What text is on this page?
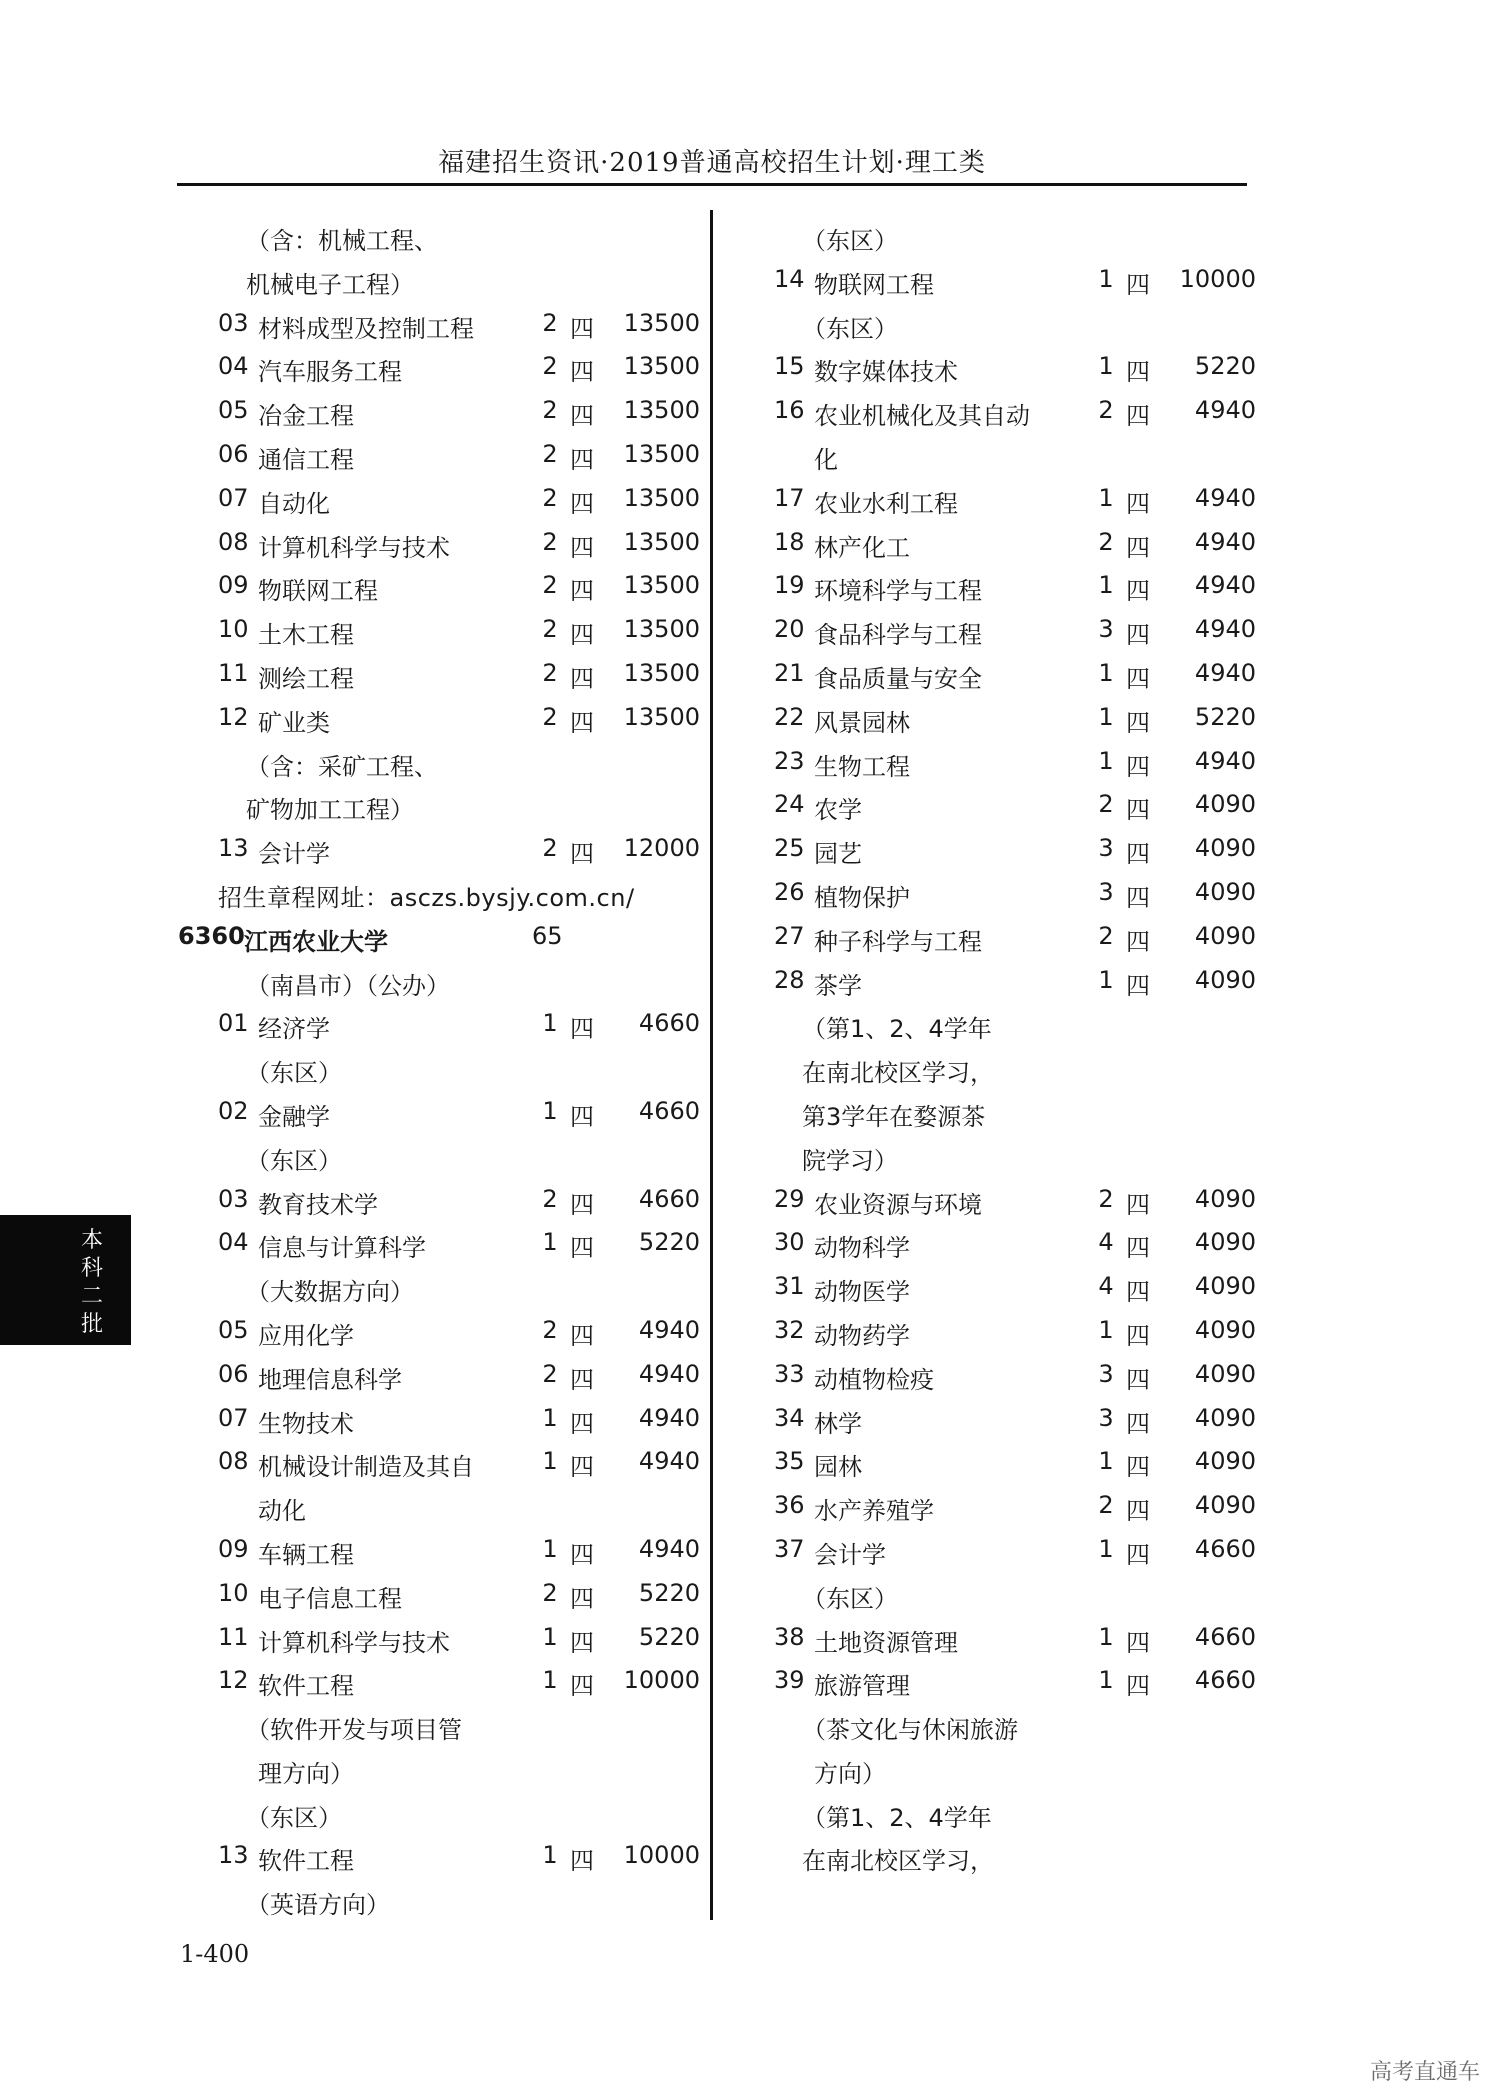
福建招生资讯·2019普通高校招生计划·理工类
（含：机械工程、
机械电子工程）
03 材料成型及控制工程	2 四	13500
04 汽车服务工程	2 四	13500
05 冶金工程	2 四	13500
06 通信工程	2 四	13500
07 自动化	2 四	13500
08 计算机科学与技术	2 四	13500
09 物联网工程	2 四	13500
10 土木工程	2 四	13500
11 测绘工程	2 四	13500
12 矿业类	2 四	13500
（含：采矿工程、
矿物加工工程）
13 会计学	2 四	12000
招生章程网址：asczs.bysjy.com.cn/
6360 江西农业大学	65
（南昌市）（公办）
01 经济学	1 四	4660
（东区）
02 金融学	1 四	4660
（东区）
03 教育技术学	2 四	4660
04 信息与计算科学	1 四	5220
（大数据方向）
05 应用化学	2 四	4940
06 地理信息科学	2 四	4940
07 生物技术	1 四	4940
08 机械设计制造及其自	1 四	4940
动化
09 车辆工程	1 四	4940
10 电子信息工程	2 四	5220
11 计算机科学与技术	1 四	5220
12 软件工程	1 四	10000
（软件开发与项目管
理方向）
（东区）
13 软件工程	1 四	10000
（英语方向）
（东区）
14 物联网工程	1 四	10000
（东区）
15 数字媒体技术	1 四	5220
16 农业机械化及其自动	2 四	4940
化
17 农业水利工程	1 四	4940
18 林产化工	2 四	4940
19 环境科学与工程	1 四	4940
20 食品科学与工程	3 四	4940
21 食品质量与安全	1 四	4940
22 风景园林	1 四	5220
23 生物工程	1 四	4940
24 农学	2 四	4090
25 园艺	3 四	4090
26 植物保护	3 四	4090
27 种子科学与工程	2 四	4090
28 茶学	1 四	4090
（第1、2、4学年
在南北校区学习，
第3学年在婺源茶
院学习）
29 农业资源与环境	2 四	4090
30 动物科学	4 四	4090
31 动物医学	4 四	4090
32 动物药学	1 四	4090
33 动植物检疫	3 四	4090
34 林学	3 四	4090
35 园林	1 四	4090
36 水产养殖学	2 四	4090
37 会计学	1 四	4660
（东区）
38 土地资源管理	1 四	4660
39 旅游管理	1 四	4660
（茶文化与休闲旅游
方向）
（第1、2、4学年
在南北校区学习，
本科二批
1-400
高考直通车
